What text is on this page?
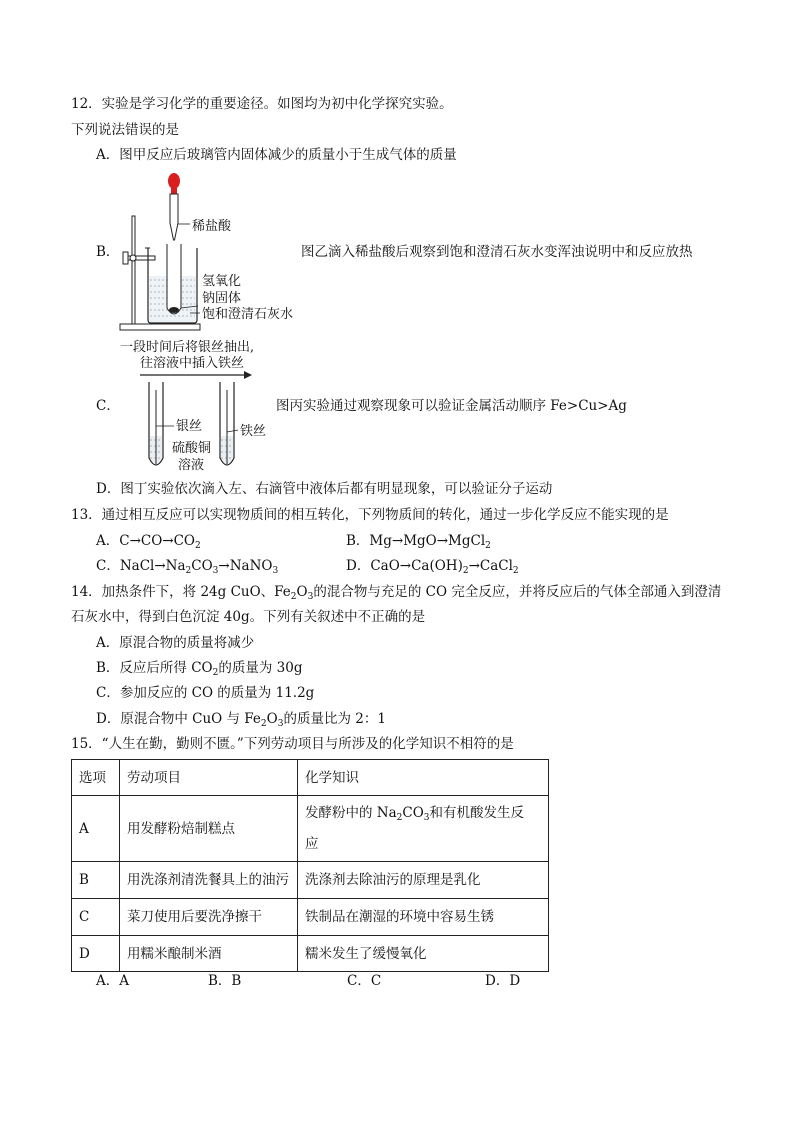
12．实验是学习化学的重要途径。如图均为初中化学探究实验。
下列说法错误的是
A．图甲反应后玻璃管内固体减少的质量小于生成气体的质量
B．	图乙滴入稀盐酸后观察到饱和澄清石灰水变浑浊说明中和反应放热
稀盐酸
氢氧化
钠固体
饱和澄清石灰水
一段时间后将银丝抽出,
往溶液中插入铁丝
C．	图丙实验通过观察现象可以验证金属活动顺序 Fe>Cu>Ag
银丝
硫酸铜
溶液
铁丝
D．图丁实验依次滴入左、右滴管中液体后都有明显现象，可以验证分子运动
13．通过相互反应可以实现物质间的相互转化，下列物质间的转化，通过一步化学反应不能实现的是
A．$C\to CO\to CO_2$	B．Mg→MgO→MgCl$_2$
C．$NaCl\to Na_2CO_3\to NaNO_3$	D．$CaO\to Ca(OH)_2\to CaCl_2$
14．加热条件下，将 24g CuO、$Fe_2O_3$的混合物与充足的 CO 完全反应，并将反应后的气体全部通入到澄清
石灰水中，得到白色沉淀 40g。下列有关叙述中不正确的是
A．原混合物的质量将减少
B．反应后所得 $CO_2$的质量为 30g
C．参加反应的 CO 的质量为 11.2g
D．原混合物中 CuO 与 $Fe_2O_3$的质量比为 2：1
15．“人生在勤，勤则不匮。”下列劳动项目与所涉及的化学知识不相符的是
选项	劳动项目	化学知识
A	用发酵粉焙制糕点	发酵粉中的 $Na_2CO_3$和有机酸发生反
应
B	用洗涤剂清洗餐具上的油污	洗涤剂去除油污的原理是乳化
C	菜刀使用后要洗净擦干	铁制品在潮湿的环境中容易生锈
D	用糯米酿制米酒	糯米发生了缓慢氧化
A．A	B．B	C．C	D．D
